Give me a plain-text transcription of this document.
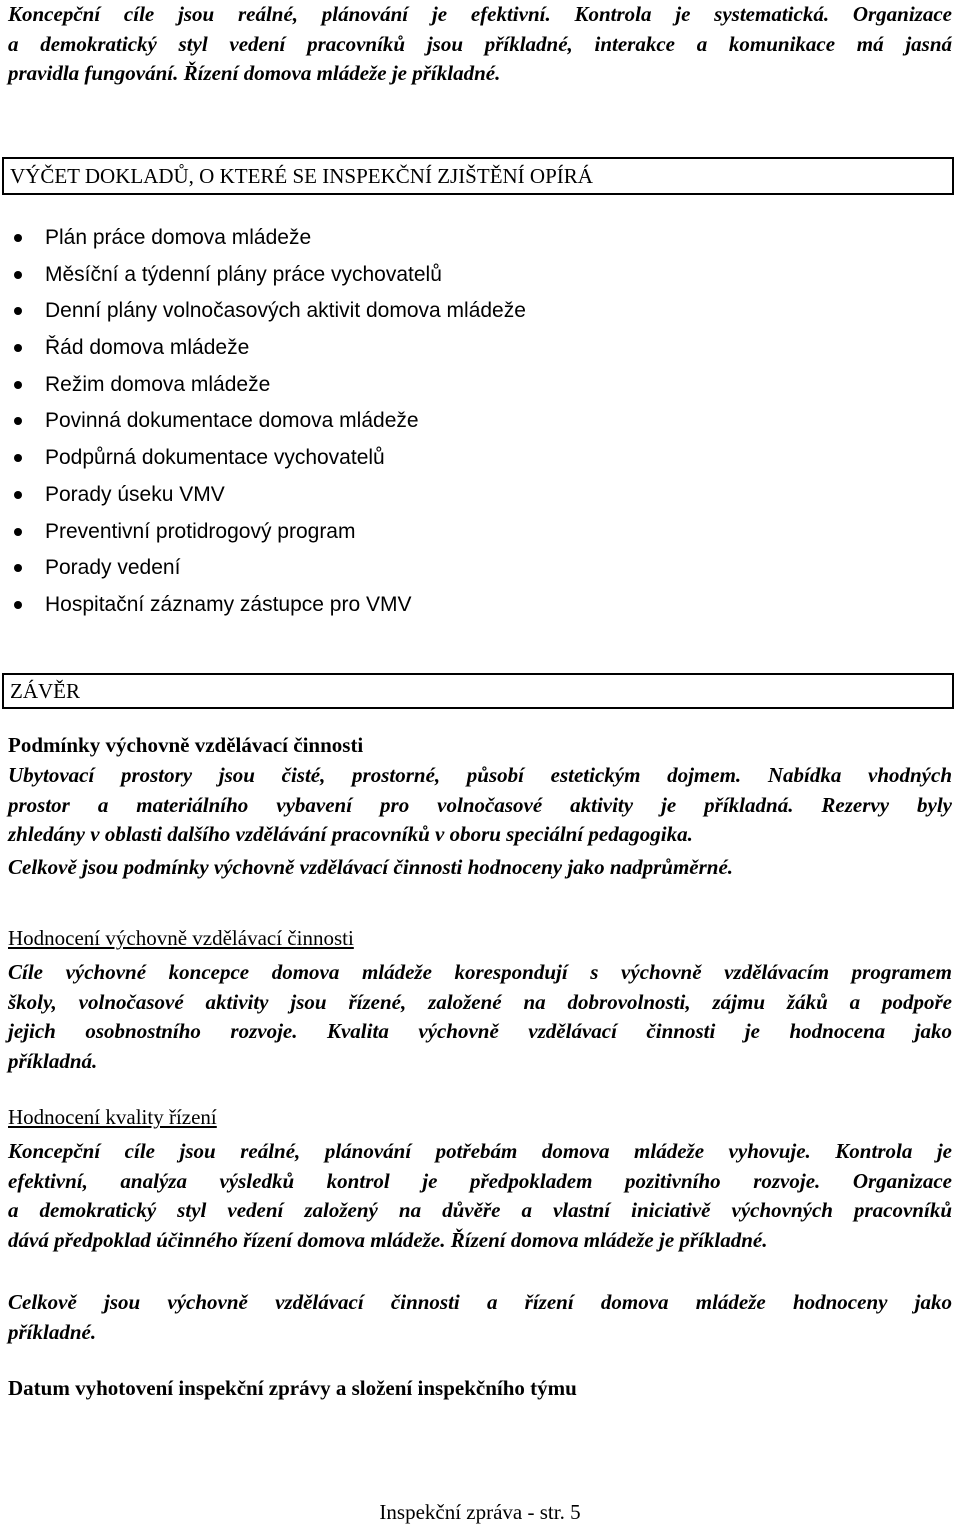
Koncepční cíle jsou reálné, plánování je efektivní. Kontrola je systematická. Organizace
a demokratický styl vedení pracovníků jsou příkladné, interakce a komunikace má jasná
pravidla fungování. Řízení domova mládeže je příkladné.
VÝČET DOKLADŮ, O KTERÉ SE INSPEKČNÍ ZJIŠTĚNÍ OPÍRÁ
Plán práce domova mládeže
Měsíční a týdenní plány práce vychovatelů
Denní plány volnočasových aktivit domova mládeže
Řád domova mládeže
Režim domova mládeže
Povinná dokumentace domova mládeže
Podpůrná dokumentace vychovatelů
Porady úseku VMV
Preventivní protidrogový program
Porady vedení
Hospitační záznamy zástupce pro VMV
ZÁVĚR
Podmínky výchovně vzdělávací činnosti
Ubytovací prostory jsou čisté, prostorné, působí estetickým dojmem. Nabídka vhodných
prostor a materiálního vybavení pro volnočasové aktivity je příkladná. Rezervy byly
zhledány v oblasti dalšího vzdělávání pracovníků v oboru speciální pedagogika.
Celkově jsou podmínky výchovně vzdělávací činnosti hodnoceny jako nadprůměrné.
Hodnocení výchovně vzdělávací činnosti
Cíle výchovné koncepce domova mládeže korespondují s výchovně vzdělávacím programem
školy, volnočasové aktivity jsou řízené, založené na dobrovolnosti, zájmu žáků a podpoře
jejich osobnostního rozvoje. Kvalita výchovně vzdělávací činnosti je hodnocena jako
příkladná.
Hodnocení kvality řízení
Koncepční cíle jsou reálné, plánování potřebám domova mládeže vyhovuje. Kontrola je
efektivní, analýza výsledků kontrol je předpokladem pozitivního rozvoje. Organizace
a demokratický styl vedení založený na důvěře a vlastní iniciativě výchovných pracovníků
dává předpoklad účinného řízení domova mládeže. Řízení domova mládeže je příkladné.
Celkově jsou výchovně vzdělávací činnosti a řízení domova mládeže hodnoceny jako
příkladné.
Datum vyhotovení inspekční zprávy a složení inspekčního týmu
Inspekční zpráva - str. 5
